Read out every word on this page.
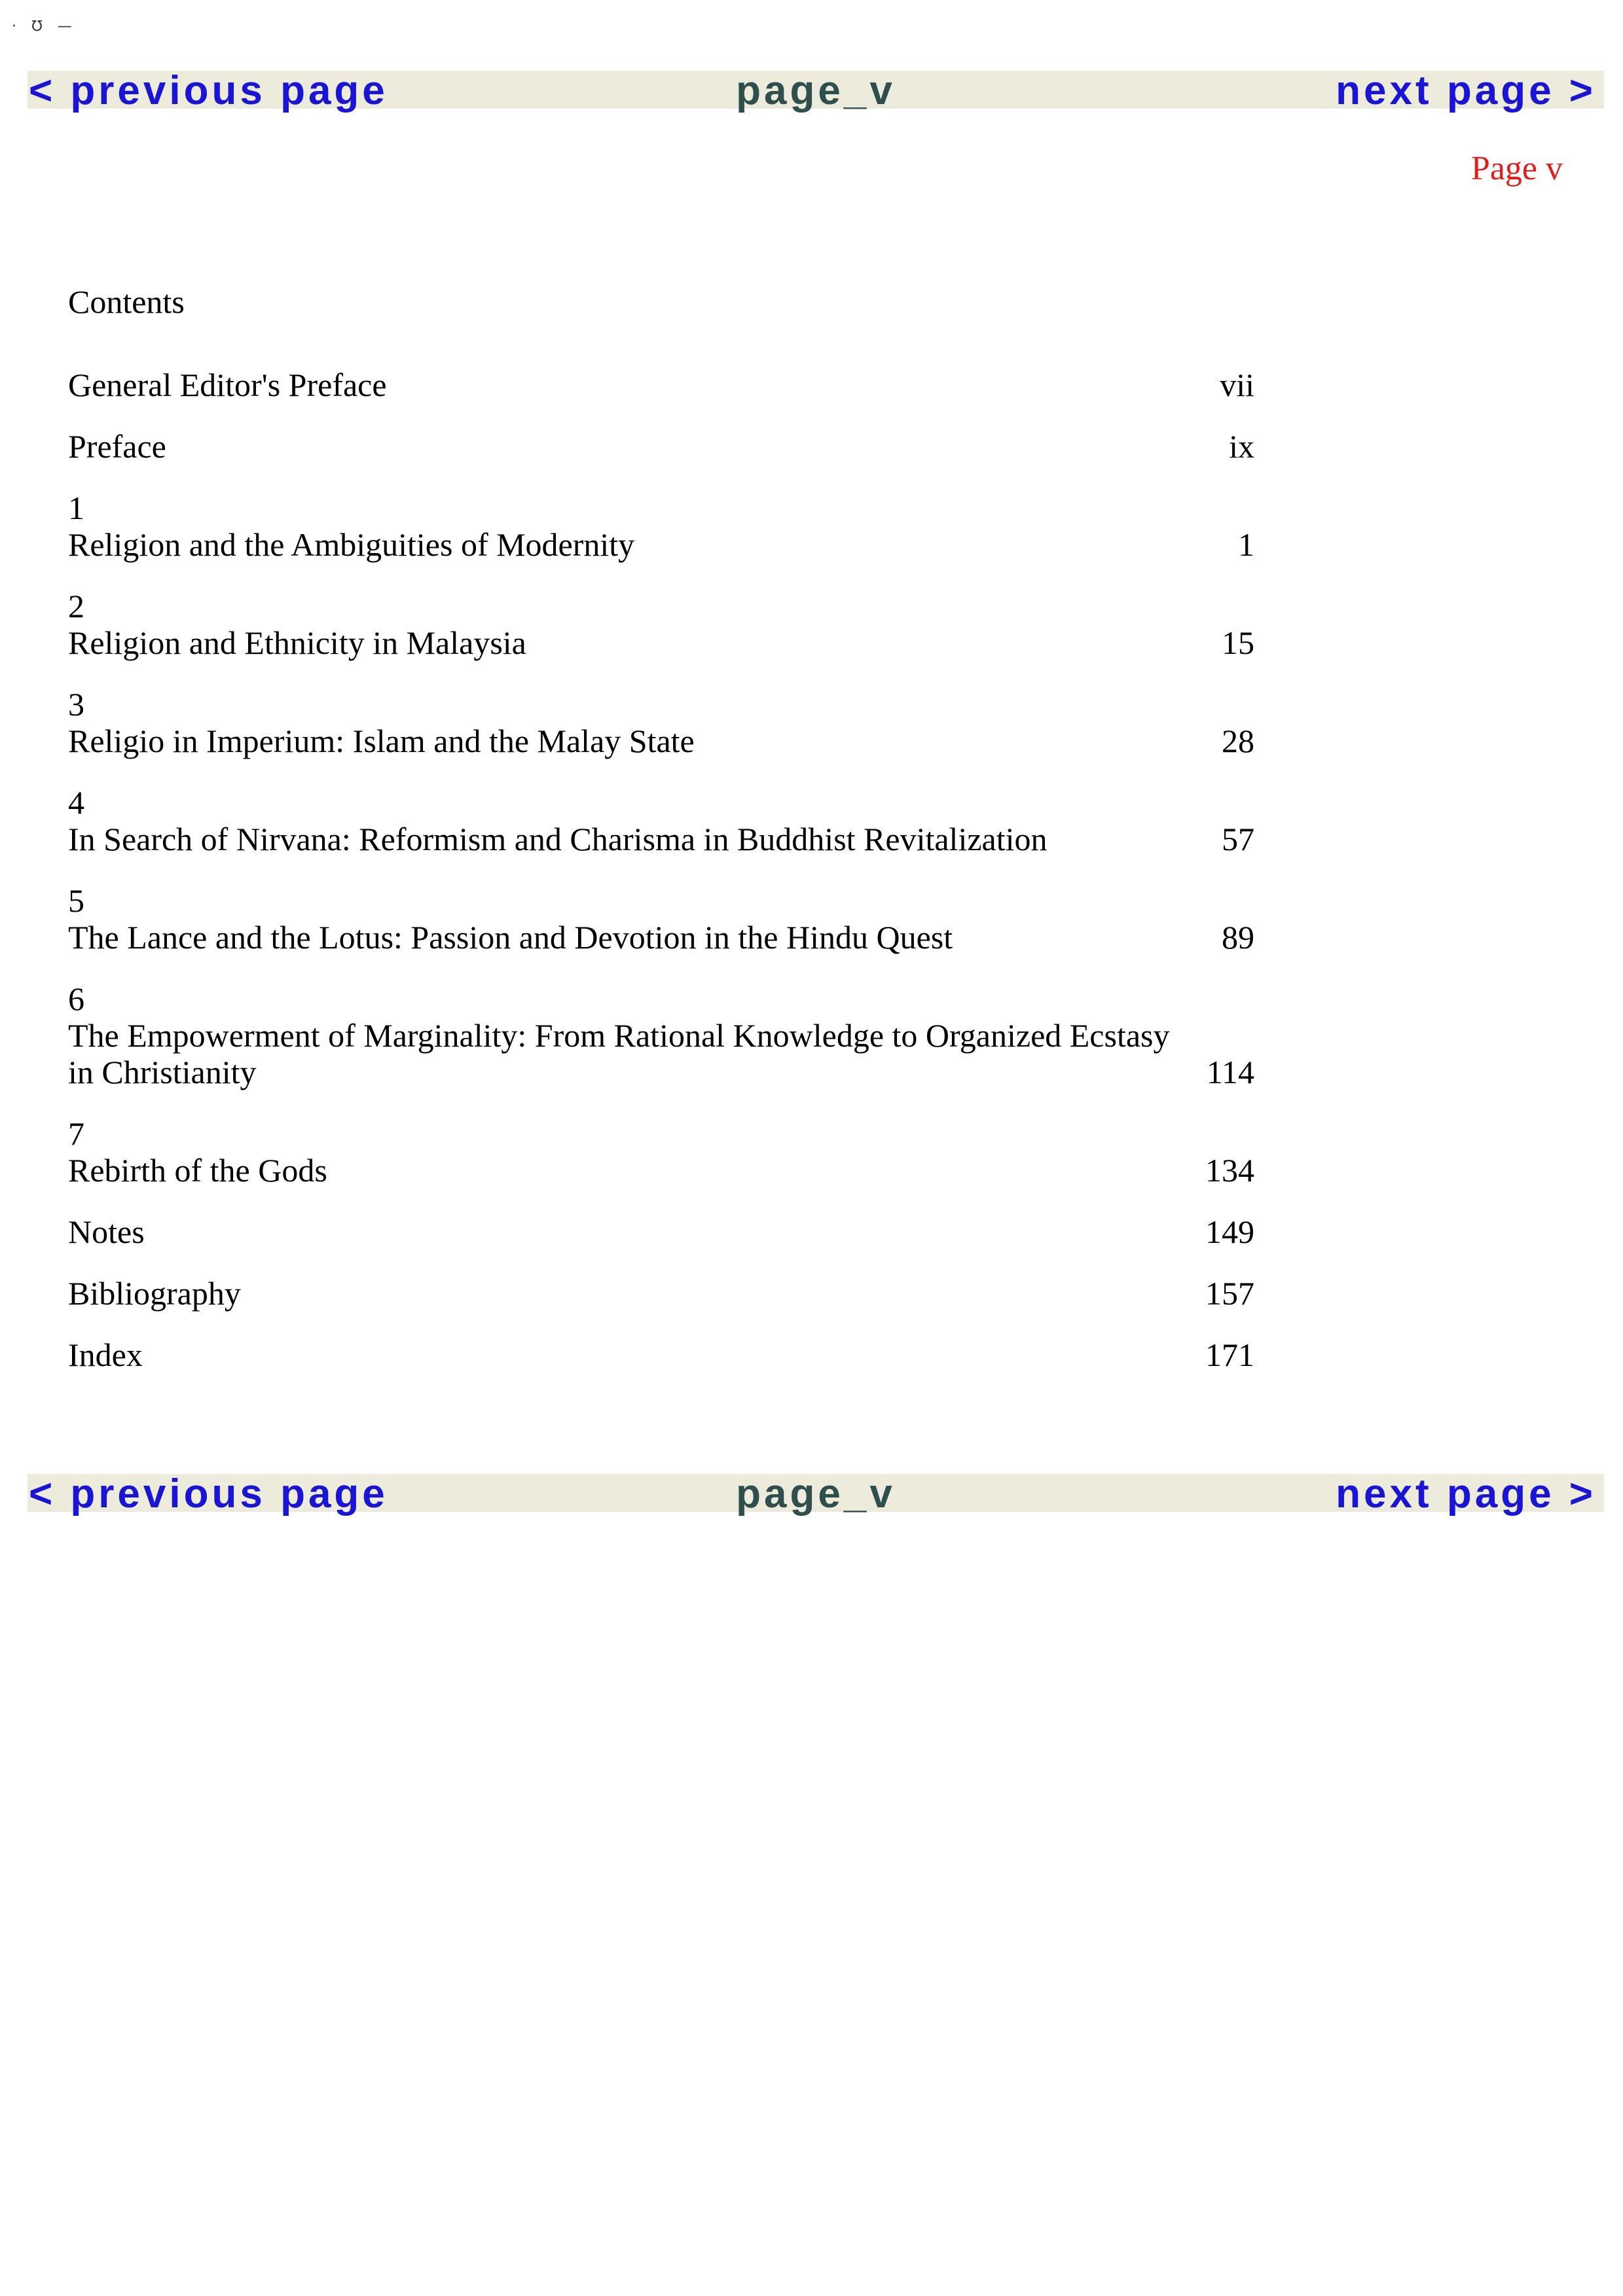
· ℧ —
< previous page	page_v	next page >
Page v
Contents
General Editor's Preface	vii
Preface	ix
1
Religion and the Ambiguities of Modernity	1
2
Religion and Ethnicity in Malaysia	15
3
Religio in Imperium: Islam and the Malay State	28
4
In Search of Nirvana: Reformism and Charisma in Buddhist Revitalization	57
5
The Lance and the Lotus: Passion and Devotion in the Hindu Quest	89
6
The Empowerment of Marginality: From Rational Knowledge to Organized Ecstasy in Christianity	114
7
Rebirth of the Gods	134
Notes	149
Bibliography	157
Index	171
< previous page	page_v	next page >
